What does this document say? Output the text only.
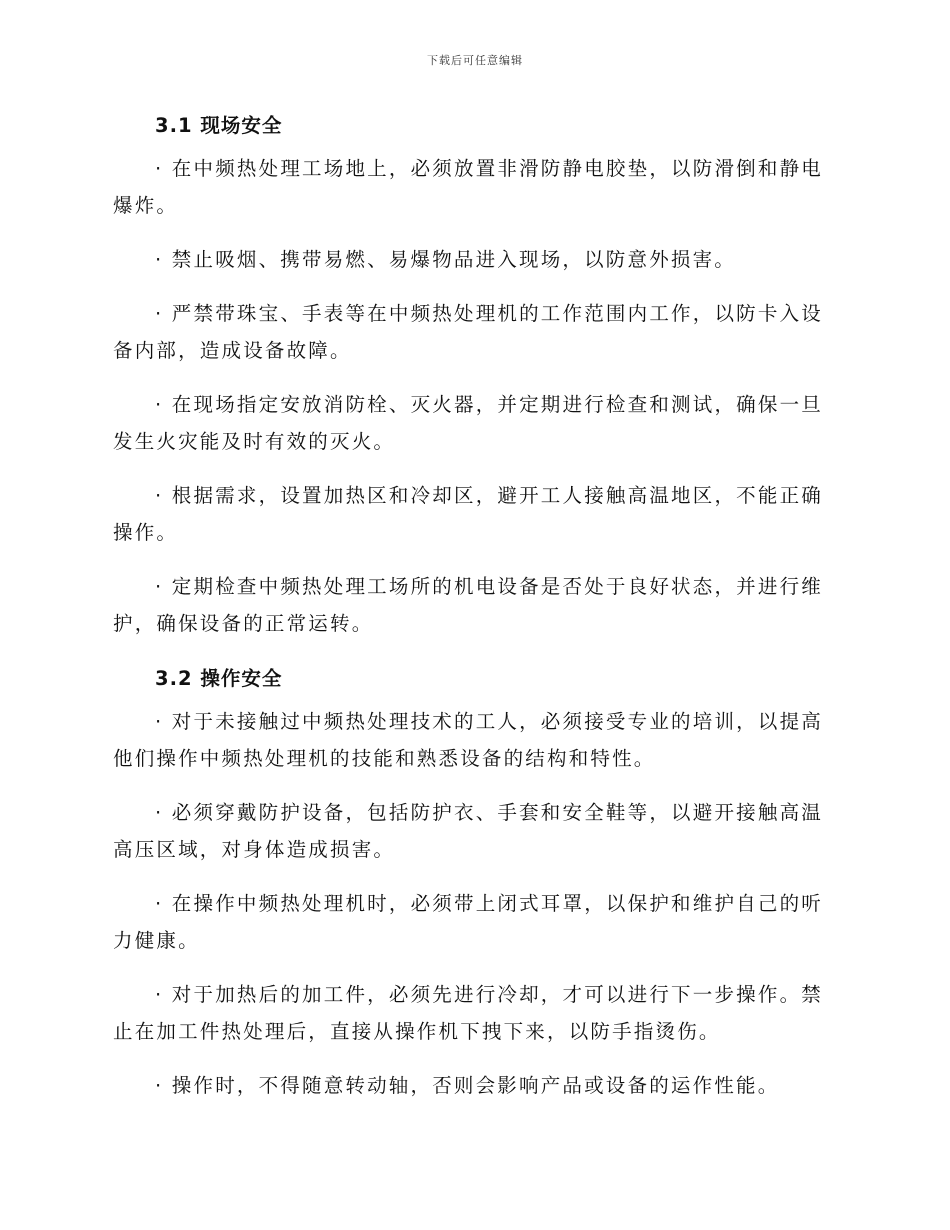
下载后可任意编辑
3.1 现场安全

· 在中频热处理工场地上，必须放置非滑防静电胶垫，以防滑倒和静电爆炸。

· 禁止吸烟、携带易燃、易爆物品进入现场，以防意外损害。

· 严禁带珠宝、手表等在中频热处理机的工作范围内工作，以防卡入设备内部，造成设备故障。

· 在现场指定安放消防栓、灭火器，并定期进行检查和测试，确保一旦发生火灾能及时有效的灭火。

· 根据需求，设置加热区和冷却区，避开工人接触高温地区，不能正确操作。

· 定期检查中频热处理工场所的机电设备是否处于良好状态，并进行维护，确保设备的正常运转。

3.2 操作安全

· 对于未接触过中频热处理技术的工人，必须接受专业的培训，以提高他们操作中频热处理机的技能和熟悉设备的结构和特性。

· 必须穿戴防护设备，包括防护衣、手套和安全鞋等，以避开接触高温高压区域，对身体造成损害。

· 在操作中频热处理机时，必须带上闭式耳罩，以保护和维护自己的听力健康。

· 对于加热后的加工件，必须先进行冷却，才可以进行下一步操作。禁止在加工件热处理后，直接从操作机下拽下来，以防手指烫伤。

· 操作时，不得随意转动轴，否则会影响产品或设备的运作性能。
